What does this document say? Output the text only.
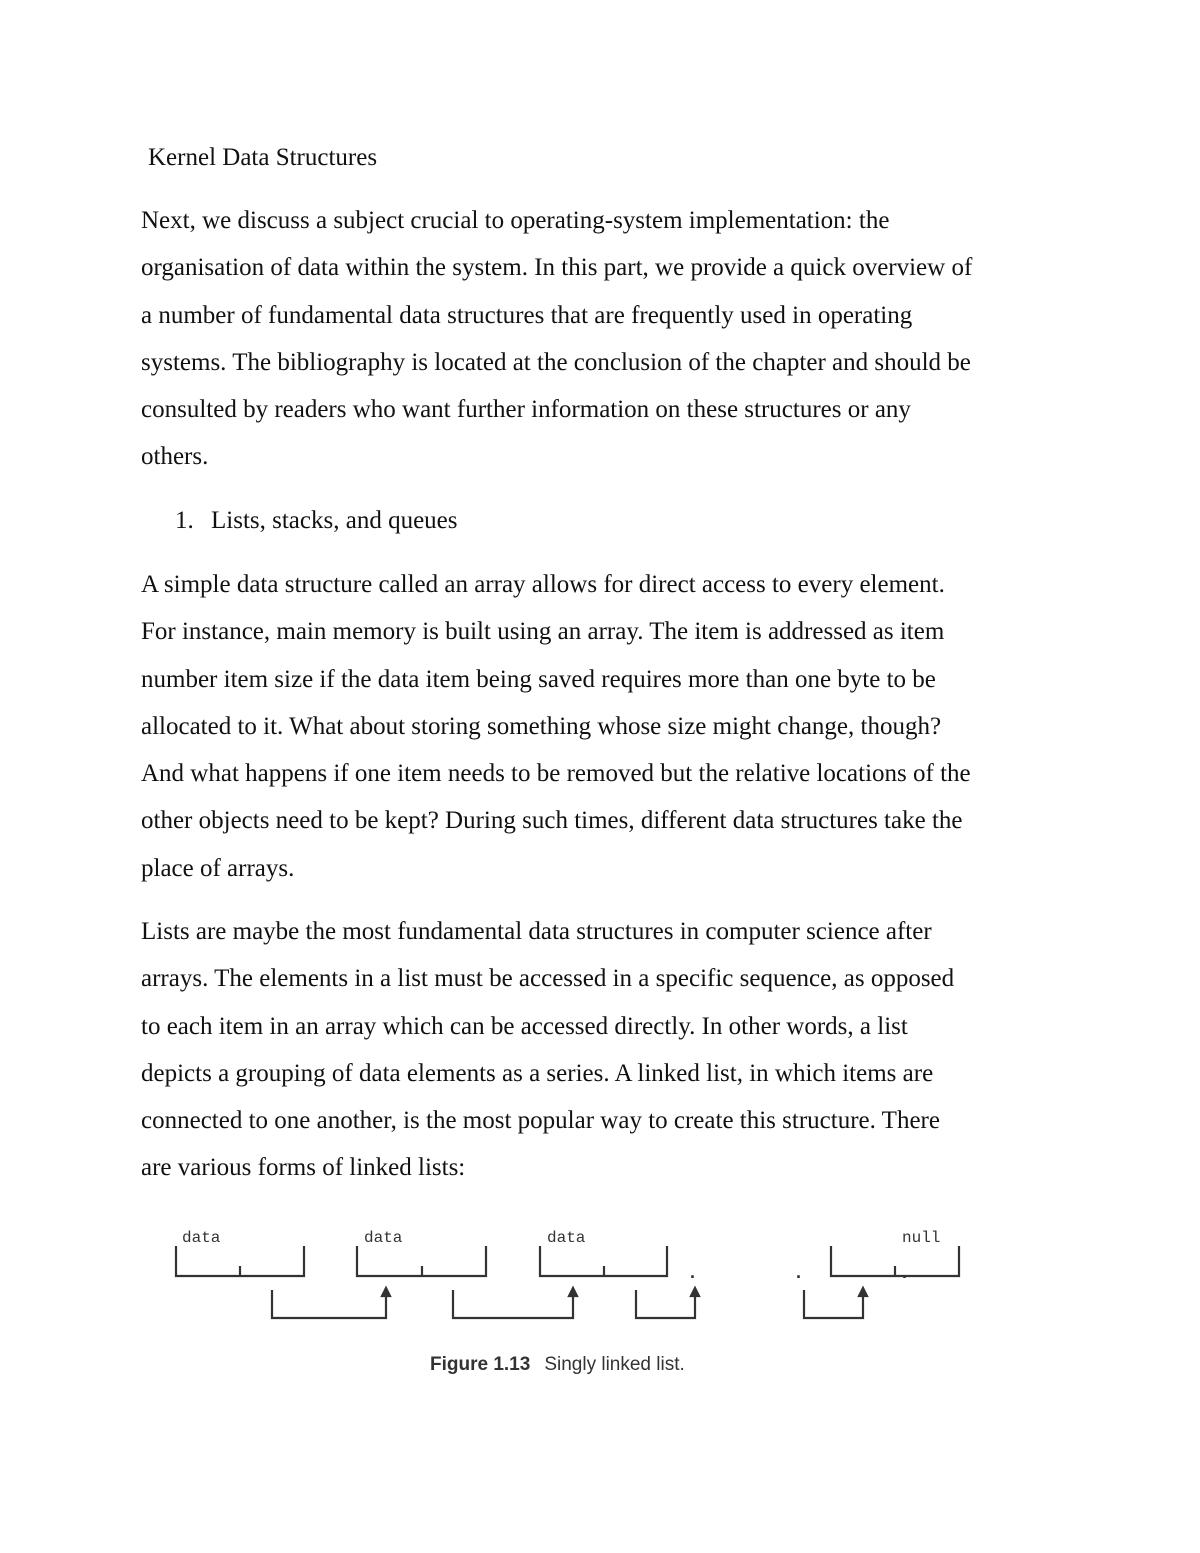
Kernel Data Structures
Next, we discuss a subject crucial to operating-system implementation: the
organisation of data within the system. In this part, we provide a quick overview of
a number of fundamental data structures that are frequently used in operating
systems. The bibliography is located at the conclusion of the chapter and should be
consulted by readers who want further information on these structures or any
others.
1. Lists, stacks, and queues
A simple data structure called an array allows for direct access to every element.
For instance, main memory is built using an array. The item is addressed as item
number item size if the data item being saved requires more than one byte to be
allocated to it. What about storing something whose size might change, though?
And what happens if one item needs to be removed but the relative locations of the
other objects need to be kept? During such times, different data structures take the
place of arrays.
Lists are maybe the most fundamental data structures in computer science after
arrays. The elements in a list must be accessed in a specific sequence, as opposed
to each item in an array which can be accessed directly. In other words, a list
depicts a grouping of data elements as a series. A linked list, in which items are
connected to one another, is the most popular way to create this structure. There
are various forms of linked lists:
data	data	data	null
. . .
Figure 1.13 Singly linked list.
